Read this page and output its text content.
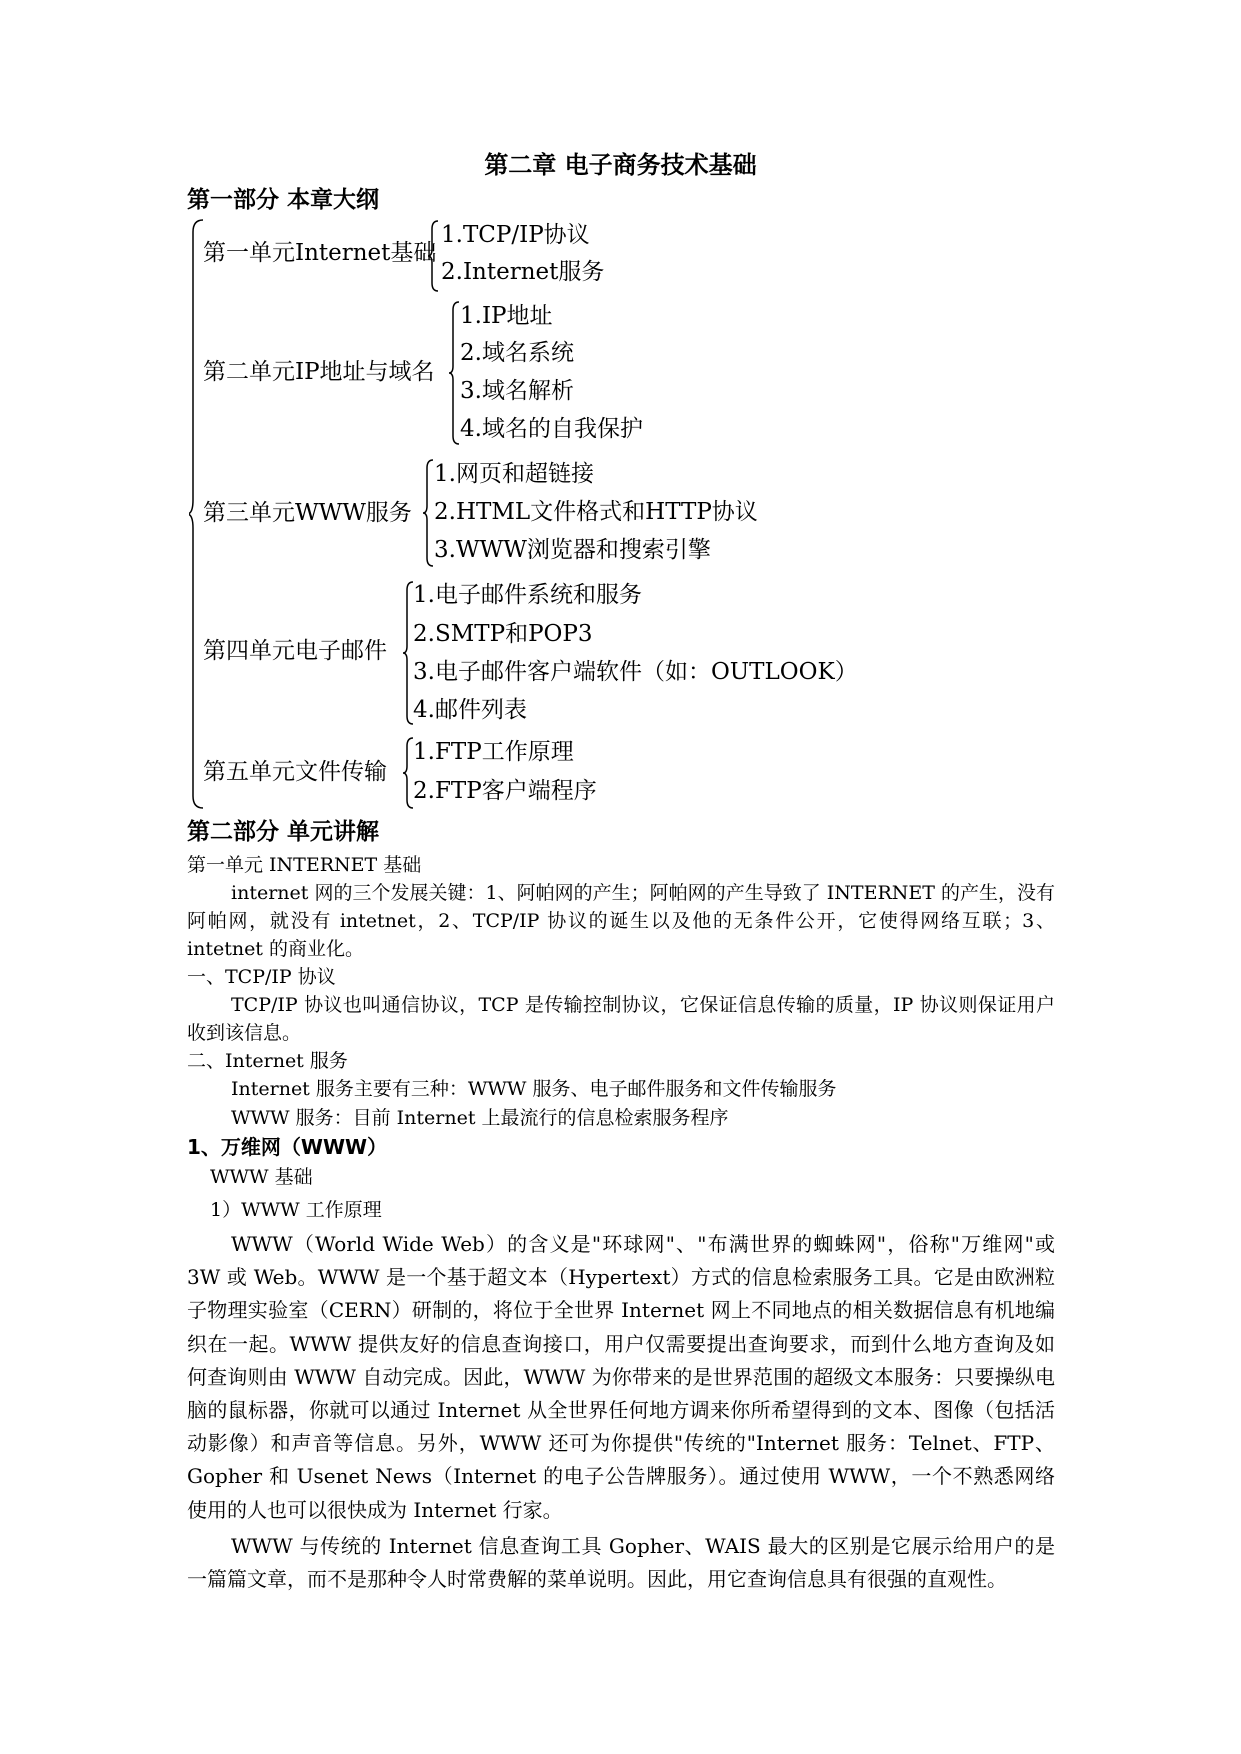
第二章 电子商务技术基础
第一部分 本章大纲
第一单元Internet基础
1.TCP/IP协议
2.Internet服务
第二单元IP地址与域名
1.IP地址
2.域名系统
3.域名解析
4.域名的自我保护
第三单元WWW服务
1.网页和超链接
2.HTML文件格式和HTTP协议
3.WWW浏览器和搜索引擎
第四单元电子邮件
1.电子邮件系统和服务
2.SMTP和POP3
3.电子邮件客户端软件（如：OUTLOOK）
4.邮件列表
第五单元文件传输
1.FTP工作原理
2.FTP客户端程序
第二部分 单元讲解
第一单元 INTERNET 基础
internet 网的三个发展关键：1、阿帕网的产生；阿帕网的产生导致了 INTERNET 的产生，没有阿帕网，就没有 intetnet，2、TCP/IP 协议的诞生以及他的无条件公开，它使得网络互联；3、intetnet 的商业化。
一、TCP/IP 协议
TCP/IP 协议也叫通信协议，TCP 是传输控制协议，它保证信息传输的质量，IP 协议则保证用户收到该信息。
二、Internet 服务
Internet 服务主要有三种：WWW 服务、电子邮件服务和文件传输服务
WWW 服务：目前 Internet 上最流行的信息检索服务程序
1、万维网（WWW）
WWW 基础
1）WWW 工作原理
WWW（World Wide Web）的含义是"环球网"、"布满世界的蜘蛛网"，俗称"万维网"或 3W 或 Web。WWW 是一个基于超文本（Hypertext）方式的信息检索服务工具。它是由欧洲粒子物理实验室（CERN）研制的，将位于全世界 Internet 网上不同地点的相关数据信息有机地编织在一起。WWW 提供友好的信息查询接口，用户仅需要提出查询要求，而到什么地方查询及如何查询则由 WWW 自动完成。因此，WWW 为你带来的是世界范围的超级文本服务：只要操纵电脑的鼠标器，你就可以通过 Internet 从全世界任何地方调来你所希望得到的文本、图像（包括活动影像）和声音等信息。另外，WWW 还可为你提供"传统的"Internet 服务：Telnet、FTP、Gopher 和 Usenet News（Internet 的电子公告牌服务）。通过使用 WWW，一个不熟悉网络使用的人也可以很快成为 Internet 行家。
WWW 与传统的 Internet 信息查询工具 Gopher、WAIS 最大的区别是它展示给用户的是一篇篇文章，而不是那种令人时常费解的菜单说明。因此，用它查询信息具有很强的直观性。
